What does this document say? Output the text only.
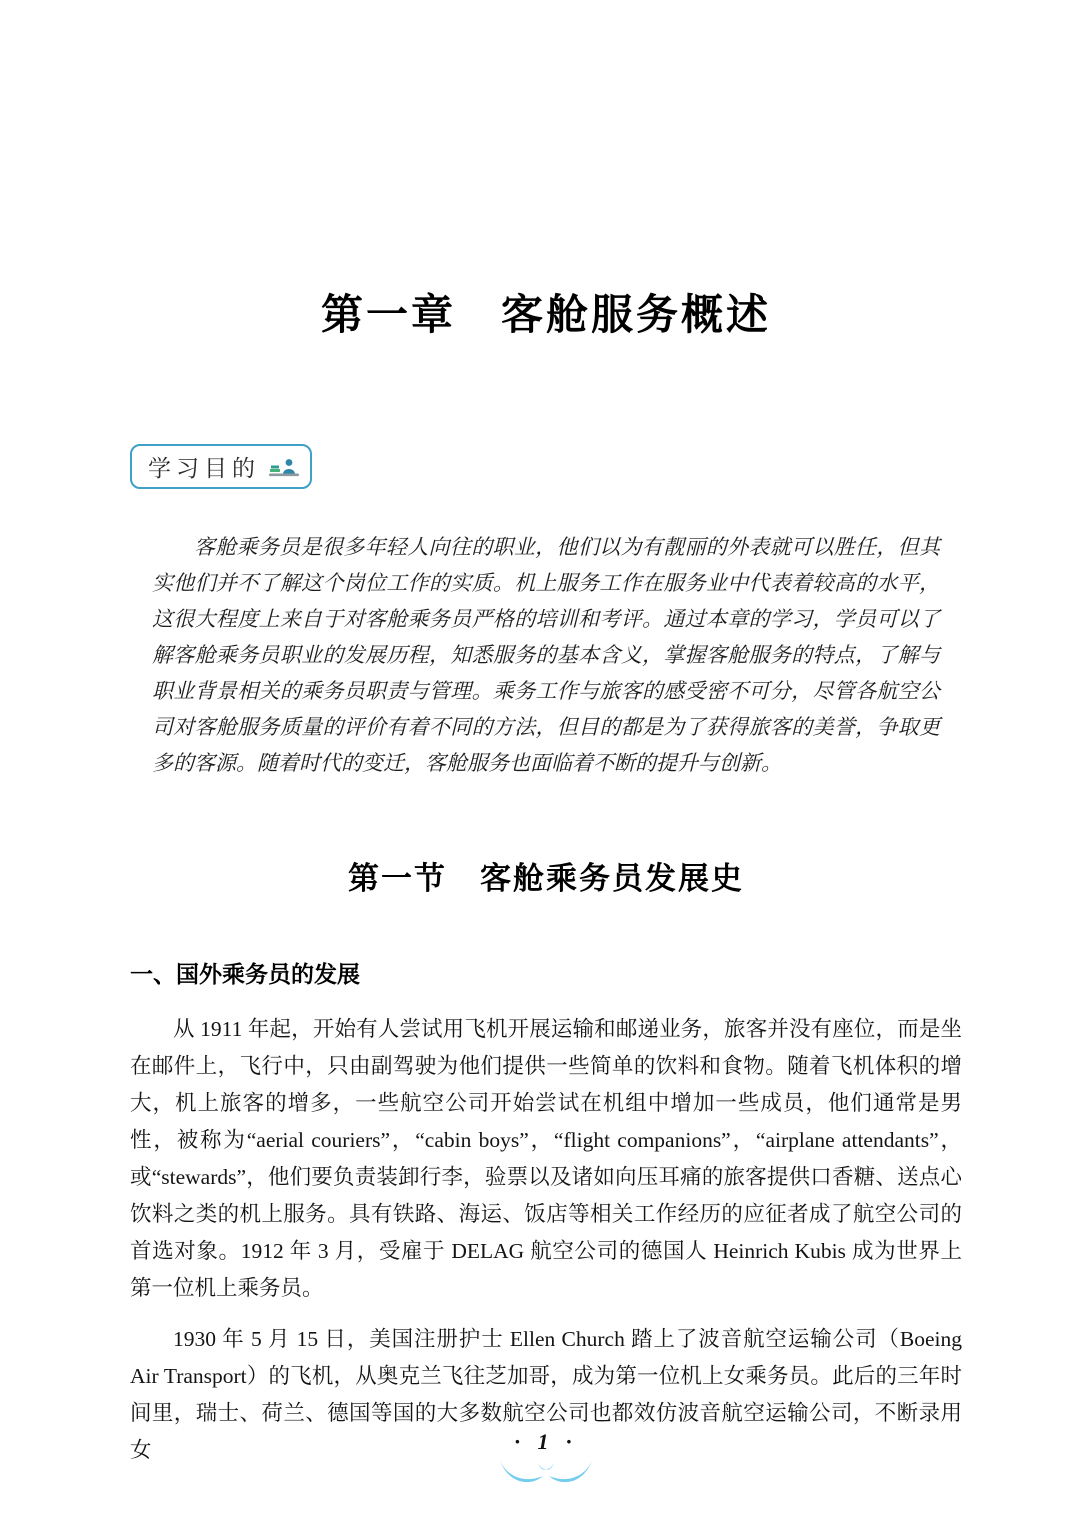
第一章　客舱服务概述
学习目的

客舱乘务员是很多年轻人向往的职业，他们以为有靓丽的外表就可以胜任，但其实他们并不了解这个岗位工作的实质。机上服务工作在服务业中代表着较高的水平，这很大程度上来自于对客舱乘务员严格的培训和考评。通过本章的学习，学员可以了解客舱乘务员职业的发展历程，知悉服务的基本含义，掌握客舱服务的特点，了解与职业背景相关的乘务员职责与管理。乘务工作与旅客的感受密不可分，尽管各航空公司对客舱服务质量的评价有着不同的方法，但目的都是为了获得旅客的美誉，争取更多的客源。随着时代的变迁，客舱服务也面临着不断的提升与创新。

第一节　客舱乘务员发展史
一、国外乘务员的发展

从 1911 年起，开始有人尝试用飞机开展运输和邮递业务，旅客并没有座位，而是坐在邮件上，飞行中，只由副驾驶为他们提供一些简单的饮料和食物。随着飞机体积的增大，机上旅客的增多，一些航空公司开始尝试在机组中增加一些成员，他们通常是男性，被称为“aerial couriers”，“cabin boys”，“flight companions”，“airplane attendants”，或“stewards”，他们要负责装卸行李，验票以及诸如向压耳痛的旅客提供口香糖、送点心饮料之类的机上服务。具有铁路、海运、饭店等相关工作经历的应征者成了航空公司的首选对象。1912 年 3 月，受雇于 DELAG 航空公司的德国人 Heinrich Kubis 成为世界上第一位机上乘务员。

1930 年 5 月 15 日，美国注册护士 Ellen Church 踏上了波音航空运输公司（Boeing Air Transport）的飞机，从奥克兰飞往芝加哥，成为第一位机上女乘务员。此后的三年时间里，瑞士、荷兰、德国等国的大多数航空公司也都效仿波音航空运输公司，不断录用女	· 1 ·
